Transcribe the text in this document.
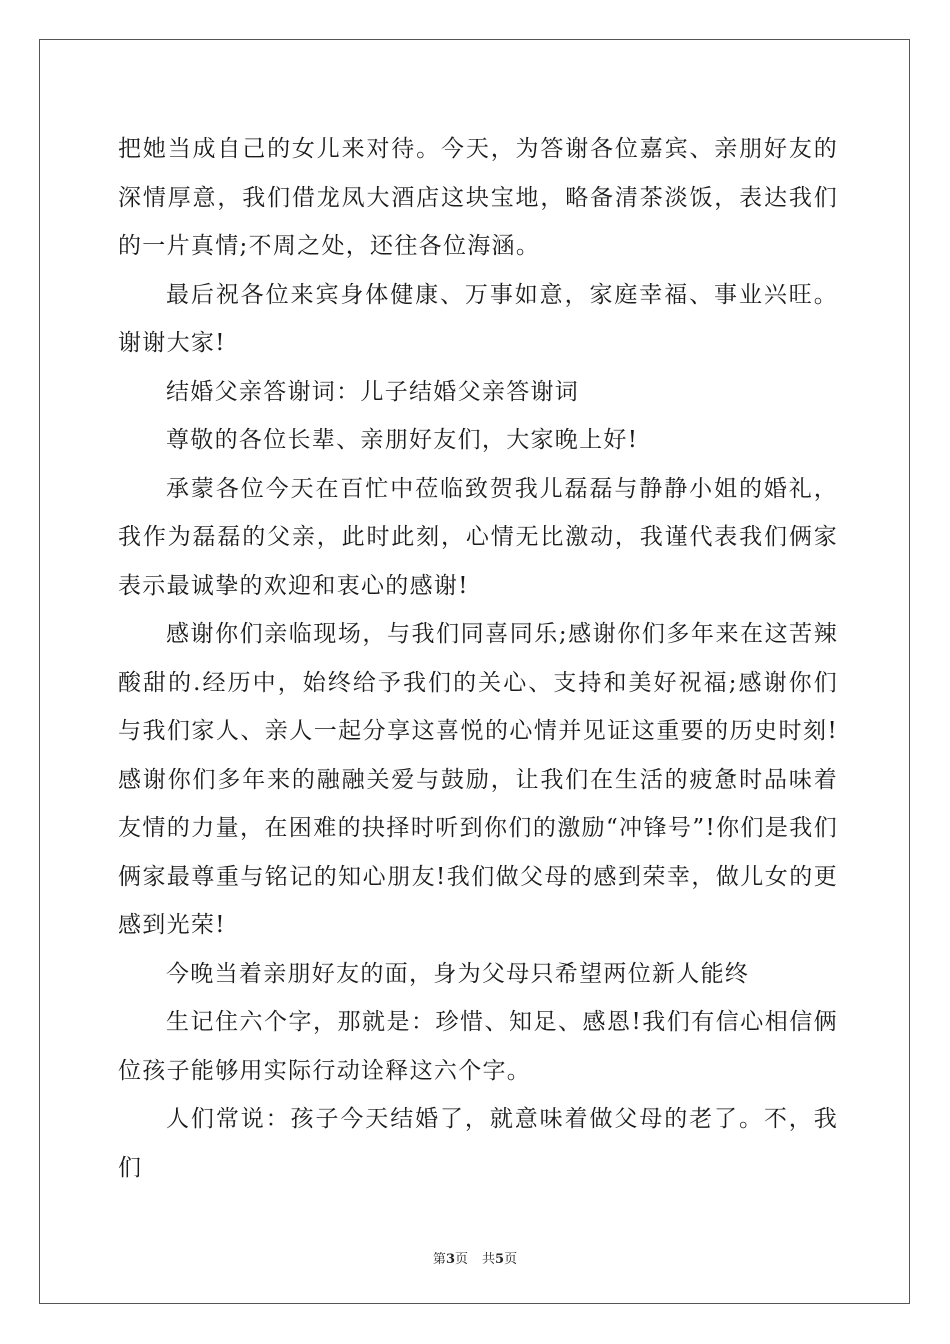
把她当成自己的女儿来对待。今天，为答谢各位嘉宾、亲朋好友的深情厚意，我们借龙凤大酒店这块宝地，略备清茶淡饭，表达我们的一片真情;不周之处，还往各位海涵。

最后祝各位来宾身体健康、万事如意，家庭幸福、事业兴旺。谢谢大家!

结婚父亲答谢词：儿子结婚父亲答谢词

尊敬的各位长辈、亲朋好友们，大家晚上好!

承蒙各位今天在百忙中莅临致贺我儿磊磊与静静小姐的婚礼，我作为磊磊的父亲，此时此刻，心情无比激动，我谨代表我们俩家表示最诚挚的欢迎和衷心的感谢!

感谢你们亲临现场，与我们同喜同乐;感谢你们多年来在这苦辣酸甜的.经历中，始终给予我们的关心、支持和美好祝福;感谢你们与我们家人、亲人一起分享这喜悦的心情并见证这重要的历史时刻!感谢你们多年来的融融关爱与鼓励，让我们在生活的疲惫时品味着友情的力量，在困难的抉择时听到你们的激励“冲锋号”!你们是我们俩家最尊重与铭记的知心朋友!我们做父母的感到荣幸，做儿女的更感到光荣!

今晚当着亲朋好友的面，身为父母只希望两位新人能终

生记住六个字，那就是：珍惜、知足、感恩!我们有信心相信俩位孩子能够用实际行动诠释这六个字。

人们常说：孩子今天结婚了，就意味着做父母的老了。不，我们

第3页 共5页
